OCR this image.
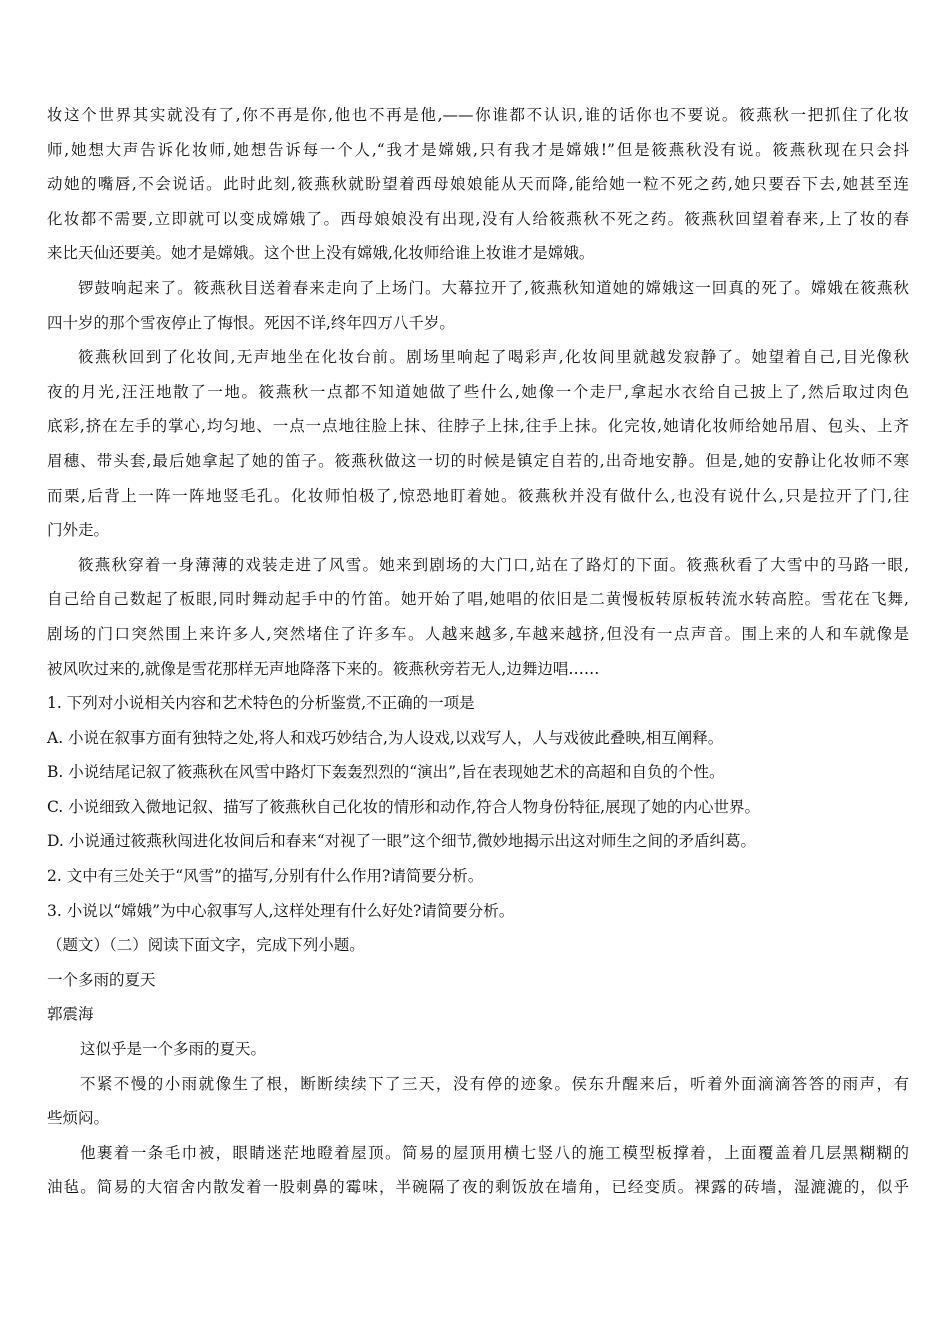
妆这个世界其实就没有了,你不再是你,他也不再是他,——你谁都不认识,谁的话你也不要说。筱燕秋一把抓住了化妆
师,她想大声告诉化妆师,她想告诉每一个人,“我才是嫦娥,只有我才是嫦娥!”但是筱燕秋没有说。筱燕秋现在只会抖
动她的嘴唇,不会说话。此时此刻,筱燕秋就盼望着西母娘娘能从天而降,能给她一粒不死之药,她只要吞下去,她甚至连
化妆都不需要,立即就可以变成嫦娥了。西母娘娘没有出现,没有人给筱燕秋不死之药。筱燕秋回望着春来,上了妆的春
来比天仙还要美。她才是嫦娥。这个世上没有嫦娥,化妆师给谁上妆谁才是嫦娥。
锣鼓响起来了。筱燕秋目送着春来走向了上场门。大幕拉开了,筱燕秋知道她的嫦娥这一回真的死了。嫦娥在筱燕秋
四十岁的那个雪夜停止了悔恨。死因不详,终年四万八千岁。
筱燕秋回到了化妆间,无声地坐在化妆台前。剧场里响起了喝彩声,化妆间里就越发寂静了。她望着自己,目光像秋
夜的月光,汪汪地散了一地。筱燕秋一点都不知道她做了些什么,她像一个走尸,拿起水衣给自己披上了,然后取过肉色
底彩,挤在左手的掌心,均匀地、一点一点地往脸上抹、往脖子上抹,往手上抹。化完妆,她请化妆师给她吊眉、包头、上齐
眉穗、带头套,最后她拿起了她的笛子。筱燕秋做这一切的时候是镇定自若的,出奇地安静。但是,她的安静让化妆师不寒
而栗,后背上一阵一阵地竖毛孔。化妆师怕极了,惊恐地盯着她。筱燕秋并没有做什么,也没有说什么,只是拉开了门,往
门外走。
筱燕秋穿着一身薄薄的戏装走进了风雪。她来到剧场的大门口,站在了路灯的下面。筱燕秋看了大雪中的马路一眼,
自己给自己数起了板眼,同时舞动起手中的竹笛。她开始了唱,她唱的依旧是二黄慢板转原板转流水转高腔。雪花在飞舞,
剧场的门口突然围上来许多人,突然堵住了许多车。人越来越多,车越来越挤,但没有一点声音。围上来的人和车就像是
被风吹过来的,就像是雪花那样无声地降落下来的。筱燕秋旁若无人,边舞边唱……
1. 下列对小说相关内容和艺术特色的分析鉴赏,不正确的一项是
A. 小说在叙事方面有独特之处,将人和戏巧妙结合,为人设戏,以戏写人，人与戏彼此叠映,相互阐释。
B. 小说结尾记叙了筱燕秋在风雪中路灯下轰轰烈烈的“演出”,旨在表现她艺术的高超和自负的个性。
C. 小说细致入微地记叙、描写了筱燕秋自己化妆的情形和动作,符合人物身份特征,展现了她的内心世界。
D. 小说通过筱燕秋闯进化妆间后和春来“对视了一眼”这个细节,微妙地揭示出这对师生之间的矛盾纠葛。
2. 文中有三处关于“风雪”的描写,分别有什么作用?请简要分析。
3. 小说以“嫦娥”为中心叙事写人,这样处理有什么好处?请简要分析。
（题文）（二）阅读下面文字，完成下列小题。
一个多雨的夏天
郭震海
这似乎是一个多雨的夏天。
不紧不慢的小雨就像生了根，断断续续下了三天，没有停的迹象。侯东升醒来后，听着外面滴滴答答的雨声，有
些烦闷。
他裹着一条毛巾被，眼睛迷茫地瞪着屋顶。简易的屋顶用横七竖八的施工模型板撑着，上面覆盖着几层黑糊糊的
油毡。简易的大宿舍内散发着一股刺鼻的霉味，半碗隔了夜的剩饭放在墙角，已经变质。裸露的砖墙，湿漉漉的，似乎
